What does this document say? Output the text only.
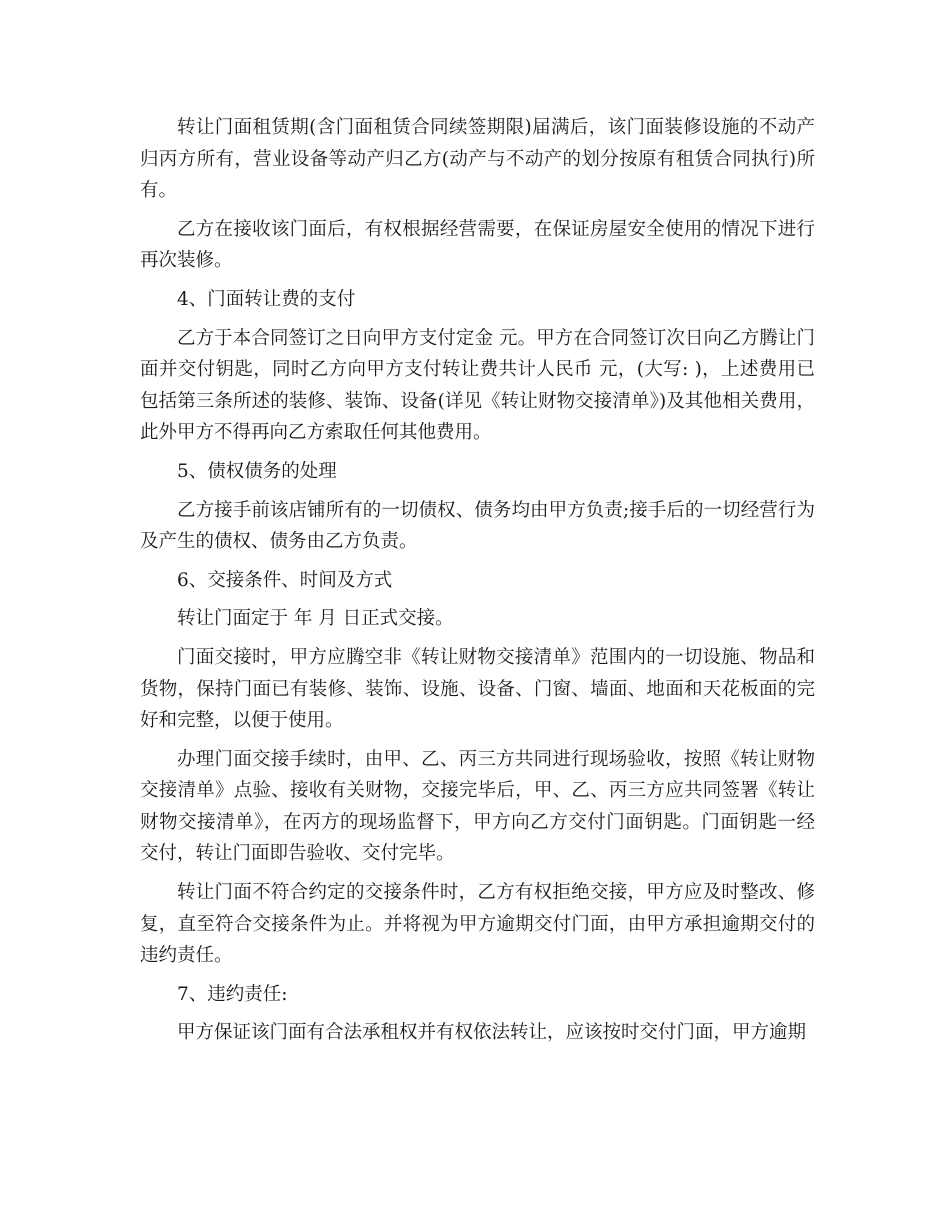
转让门面租赁期(含门面租赁合同续签期限)届满后，该门面装修设施的不动产归丙方所有，营业设备等动产归乙方(动产与不动产的划分按原有租赁合同执行)所有。

乙方在接收该门面后，有权根据经营需要，在保证房屋安全使用的情况下进行再次装修。

4、门面转让费的支付

乙方于本合同签订之日向甲方支付定金 元。甲方在合同签订次日向乙方腾让门面并交付钥匙，同时乙方向甲方支付转让费共计人民币 元，(大写: )，上述费用已包括第三条所述的装修、装饰、设备(详见《转让财物交接清单》)及其他相关费用，此外甲方不得再向乙方索取任何其他费用。

5、债权债务的处理

乙方接手前该店铺所有的一切债权、债务均由甲方负责;接手后的一切经营行为及产生的债权、债务由乙方负责。

6、交接条件、时间及方式

转让门面定于 年 月 日正式交接。

门面交接时，甲方应腾空非《转让财物交接清单》范围内的一切设施、物品和货物，保持门面已有装修、装饰、设施、设备、门窗、墙面、地面和天花板面的完好和完整，以便于使用。

办理门面交接手续时，由甲、乙、丙三方共同进行现场验收，按照《转让财物交接清单》点验、接收有关财物，交接完毕后，甲、乙、丙三方应共同签署《转让财物交接清单》，在丙方的现场监督下，甲方向乙方交付门面钥匙。门面钥匙一经交付，转让门面即告验收、交付完毕。

转让门面不符合约定的交接条件时，乙方有权拒绝交接，甲方应及时整改、修复，直至符合交接条件为止。并将视为甲方逾期交付门面，由甲方承担逾期交付的违约责任。

7、违约责任:

甲方保证该门面有合法承租权并有权依法转让，应该按时交付门面，甲方逾期
